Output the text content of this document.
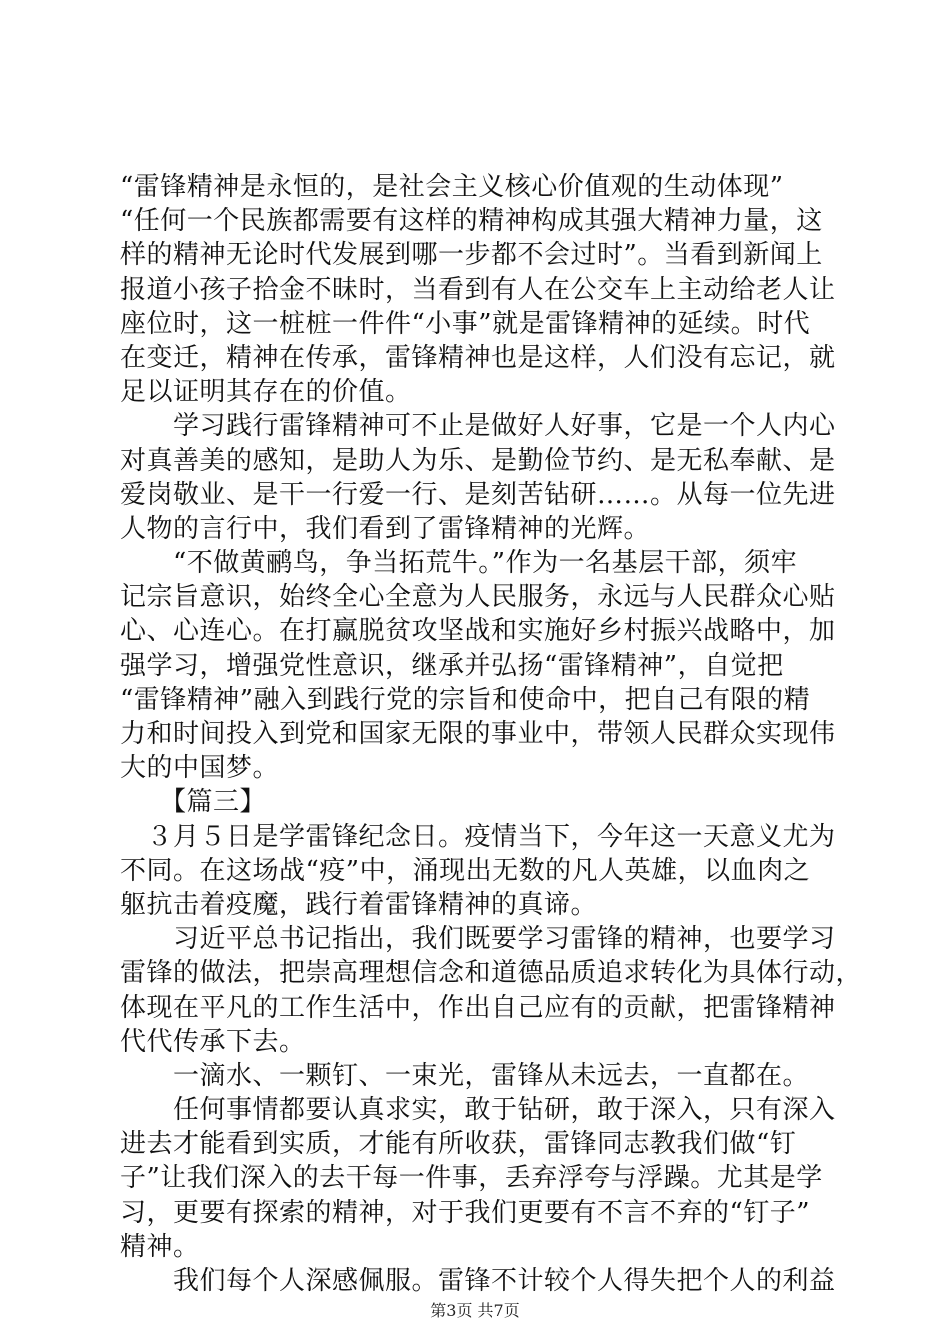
“雷锋精神是永恒的，是社会主义核心价值观的生动体现”
“任何一个民族都需要有这样的精神构成其强大精神力量，这
样的精神无论时代发展到哪一步都不会过时”。当看到新闻上
报道小孩子拾金不昧时，当看到有人在公交车上主动给老人让
座位时，这一桩桩一件件“小事”就是雷锋精神的延续。时代
在变迁，精神在传承，雷锋精神也是这样，人们没有忘记，就
足以证明其存在的价值。
　　学习践行雷锋精神可不止是做好人好事，它是一个人内心
对真善美的感知，是助人为乐、是勤俭节约、是无私奉献、是
爱岗敬业、是干一行爱一行、是刻苦钻研……。从每一位先进
人物的言行中，我们看到了雷锋精神的光辉。
　　“不做黄鹂鸟，争当拓荒牛。”作为一名基层干部，须牢
记宗旨意识，始终全心全意为人民服务，永远与人民群众心贴
心、心连心。在打赢脱贫攻坚战和实施好乡村振兴战略中，加
强学习，增强党性意识，继承并弘扬“雷锋精神”，自觉把
“雷锋精神”融入到践行党的宗旨和使命中，把自己有限的精
力和时间投入到党和国家无限的事业中，带领人民群众实现伟
大的中国梦。
　　【篇三】
　３月５日是学雷锋纪念日。疫情当下，今年这一天意义尤为
不同。在这场战“疫”中，涌现出无数的凡人英雄，以血肉之
躯抗击着疫魔，践行着雷锋精神的真谛。
　　习近平总书记指出，我们既要学习雷锋的精神，也要学习
雷锋的做法，把崇高理想信念和道德品质追求转化为具体行动，
体现在平凡的工作生活中，作出自己应有的贡献，把雷锋精神
代代传承下去。
　　一滴水、一颗钉、一束光，雷锋从未远去，一直都在。
　　任何事情都要认真求实，敢于钻研，敢于深入，只有深入
进去才能看到实质，才能有所收获，雷锋同志教我们做“钉
子”让我们深入的去干每一件事，丢弃浮夸与浮躁。尤其是学
习，更要有探索的精神，对于我们更要有不言不弃的“钉子”
精神。
　　我们每个人深感佩服。雷锋不计较个人得失把个人的利益
第3页 共7页
